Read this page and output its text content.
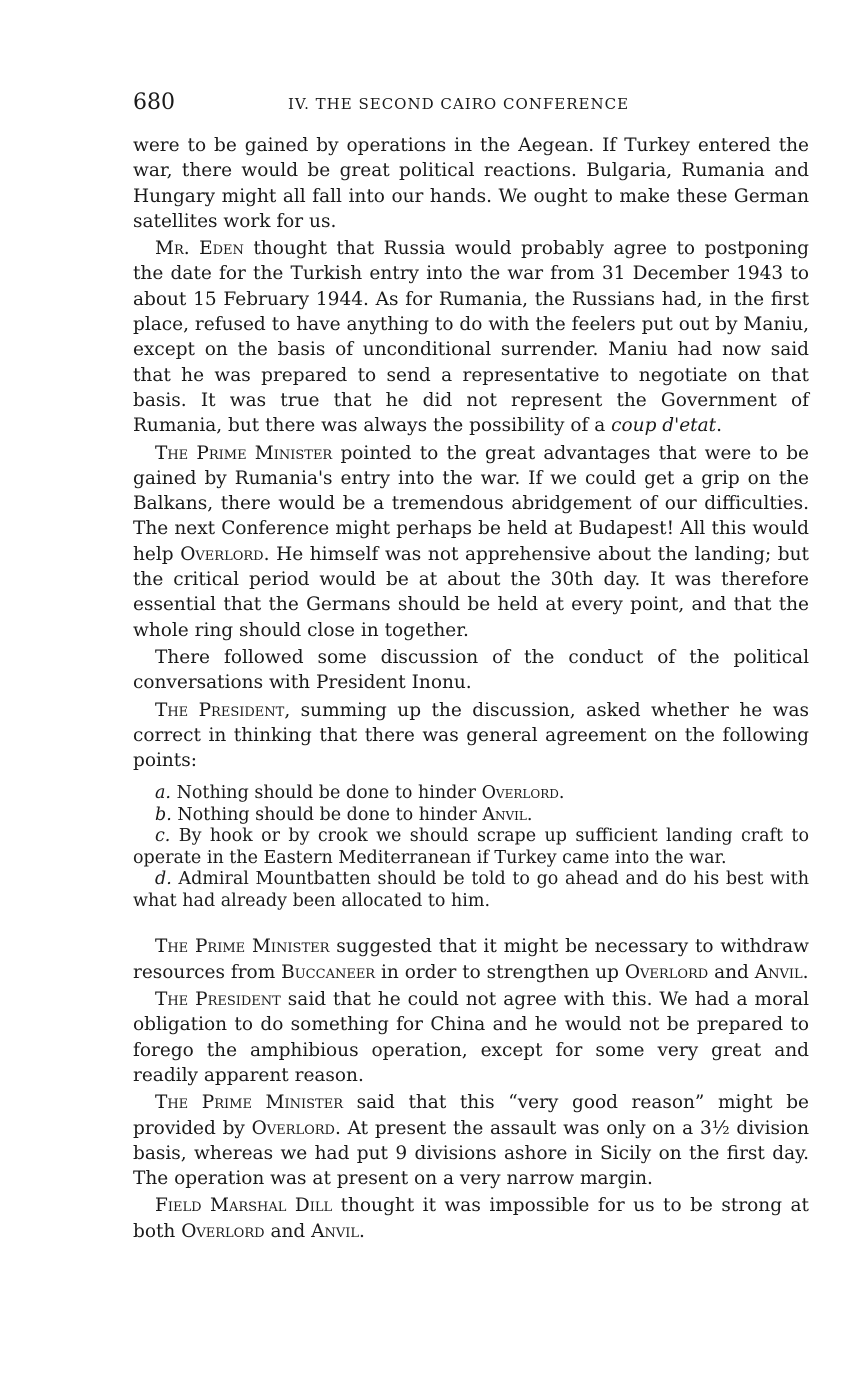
680	IV. THE SECOND CAIRO CONFERENCE

were to be gained by operations in the Aegean. If Turkey entered the war, there would be great political reactions. Bulgaria, Rumania and Hungary might all fall into our hands. We ought to make these German satellites work for us.

Mr. Eden thought that Russia would probably agree to postponing the date for the Turkish entry into the war from 31 December 1943 to about 15 February 1944. As for Rumania, the Russians had, in the first place, refused to have anything to do with the feelers put out by Maniu, except on the basis of unconditional surrender. Maniu had now said that he was prepared to send a representative to negotiate on that basis. It was true that he did not represent the Government of Rumania, but there was always the possibility of a coup d'etat.

The Prime Minister pointed to the great advantages that were to be gained by Rumania's entry into the war. If we could get a grip on the Balkans, there would be a tremendous abridgement of our difficulties. The next Conference might perhaps be held at Budapest! All this would help Overlord. He himself was not apprehensive about the landing; but the critical period would be at about the 30th day. It was therefore essential that the Germans should be held at every point, and that the whole ring should close in together.

There followed some discussion of the conduct of the political conversations with President Inonu.

The President, summing up the discussion, asked whether he was correct in thinking that there was general agreement on the following points:

a. Nothing should be done to hinder Overlord.
b. Nothing should be done to hinder Anvil.
c. By hook or by crook we should scrape up sufficient landing craft to operate in the Eastern Mediterranean if Turkey came into the war.
d. Admiral Mountbatten should be told to go ahead and do his best with what had already been allocated to him.

The Prime Minister suggested that it might be necessary to withdraw resources from Buccaneer in order to strengthen up Overlord and Anvil.

The President said that he could not agree with this. We had a moral obligation to do something for China and he would not be prepared to forego the amphibious operation, except for some very great and readily apparent reason.

The Prime Minister said that this “very good reason” might be provided by Overlord. At present the assault was only on a 3½ division basis, whereas we had put 9 divisions ashore in Sicily on the first day. The operation was at present on a very narrow margin.

Field Marshal Dill thought it was impossible for us to be strong at both Overlord and Anvil.
